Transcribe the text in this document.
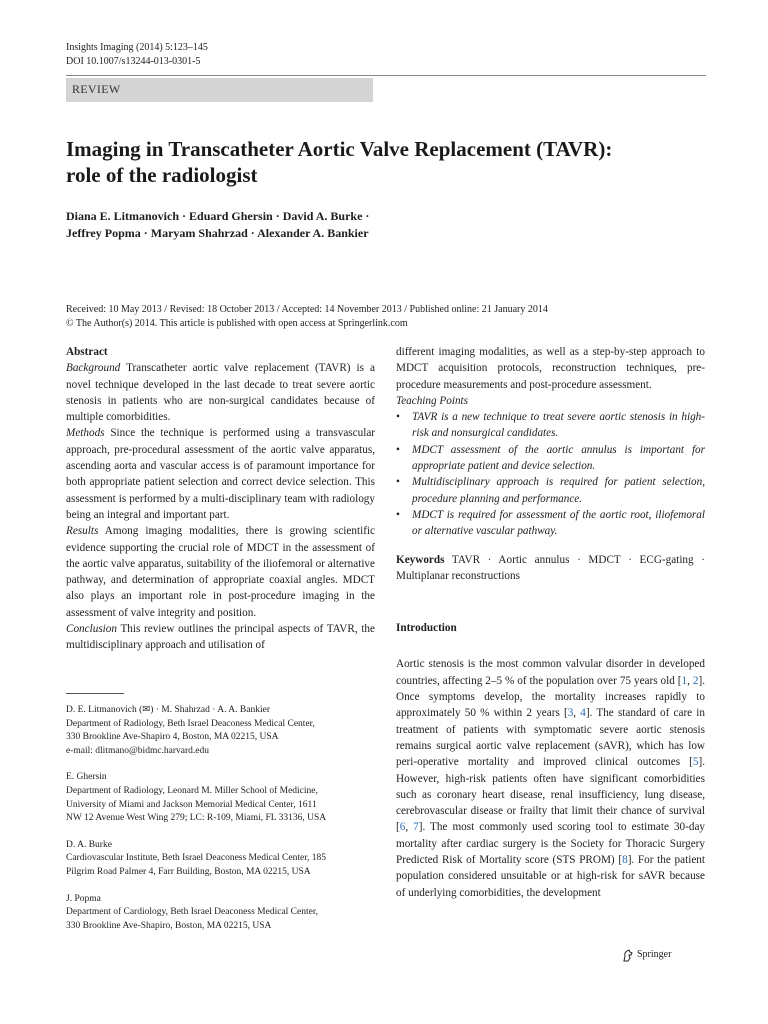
Insights Imaging (2014) 5:123–145
DOI 10.1007/s13244-013-0301-5
REVIEW
Imaging in Transcatheter Aortic Valve Replacement (TAVR):
role of the radiologist
Diana E. Litmanovich · Eduard Ghersin · David A. Burke ·
Jeffrey Popma · Maryam Shahrzad · Alexander A. Bankier
Received: 10 May 2013 / Revised: 18 October 2013 / Accepted: 14 November 2013 / Published online: 21 January 2014
© The Author(s) 2014. This article is published with open access at Springerlink.com

Abstract

Background Transcatheter aortic valve replacement (TAVR) is a novel technique developed in the last decade to treat severe aortic stenosis in patients who are non-surgical candidates because of multiple comorbidities.

Methods Since the technique is performed using a transvascular approach, pre-procedural assessment of the aortic valve apparatus, ascending aorta and vascular access is of paramount importance for both appropriate patient selection and correct device selection. This assessment is performed by a multi-disciplinary team with radiology being an integral and important part.

Results Among imaging modalities, there is growing scientific evidence supporting the crucial role of MDCT in the assessment of the aortic valve apparatus, suitability of the iliofemoral or alternative pathway, and determination of appropriate coaxial angles. MDCT also plays an important role in post-procedure imaging in the assessment of valve integrity and position.

Conclusion This review outlines the principal aspects of TAVR, the multidisciplinary approach and utilisation of

different imaging modalities, as well as a step-by-step approach to MDCT acquisition protocols, reconstruction techniques, pre-procedure measurements and post-procedure assessment.

Teaching Points

• TAVR is a new technique to treat severe aortic stenosis in high-risk and nonsurgical candidates.
• MDCT assessment of the aortic annulus is important for appropriate patient and device selection.
• Multidisciplinary approach is required for patient selection, procedure planning and performance.
• MDCT is required for assessment of the aortic root, iliofemoral or alternative vascular pathway.

Keywords TAVR · Aortic annulus · MDCT · ECG-gating · Multiplanar reconstructions

Introduction

Aortic stenosis is the most common valvular disorder in developed countries, affecting 2–5 % of the population over 75 years old [1, 2]. Once symptoms develop, the mortality increases rapidly to approximately 50 % within 2 years [3, 4]. The standard of care in treatment of patients with symptomatic severe aortic stenosis remains surgical aortic valve replacement (sAVR), which has low peri-operative mortality and improved clinical outcomes [5]. However, high-risk patients often have significant comorbidities such as coronary heart disease, renal insufficiency, lung disease, cerebrovascular disease or frailty that limit their chance of survival [6, 7]. The most commonly used scoring tool to estimate 30-day mortality after cardiac surgery is the Society for Thoracic Surgery Predicted Risk of Mortality score (STS PROM) [8]. For the patient population considered unsuitable or at high-risk for sAVR because of underlying comorbidities, the development

D. E. Litmanovich (✉) · M. Shahrzad · A. A. Bankier
Department of Radiology, Beth Israel Deaconess Medical Center,
330 Brookline Ave-Shapiro 4, Boston, MA 02215, USA
e-mail: dlitmano@bidmc.harvard.edu
E. Ghersin
Department of Radiology, Leonard M. Miller School of Medicine,
University of Miami and Jackson Memorial Medical Center, 1611
NW 12 Avenue West Wing 279; LC: R-109, Miami, FL 33136, USA
D. A. Burke
Cardiovascular Institute, Beth Israel Deaconess Medical Center, 185
Pilgrim Road Palmer 4, Farr Building, Boston, MA 02215, USA
J. Popma
Department of Cardiology, Beth Israel Deaconess Medical Center,
330 Brookline Ave-Shapiro, Boston, MA 02215, USA
Springer
